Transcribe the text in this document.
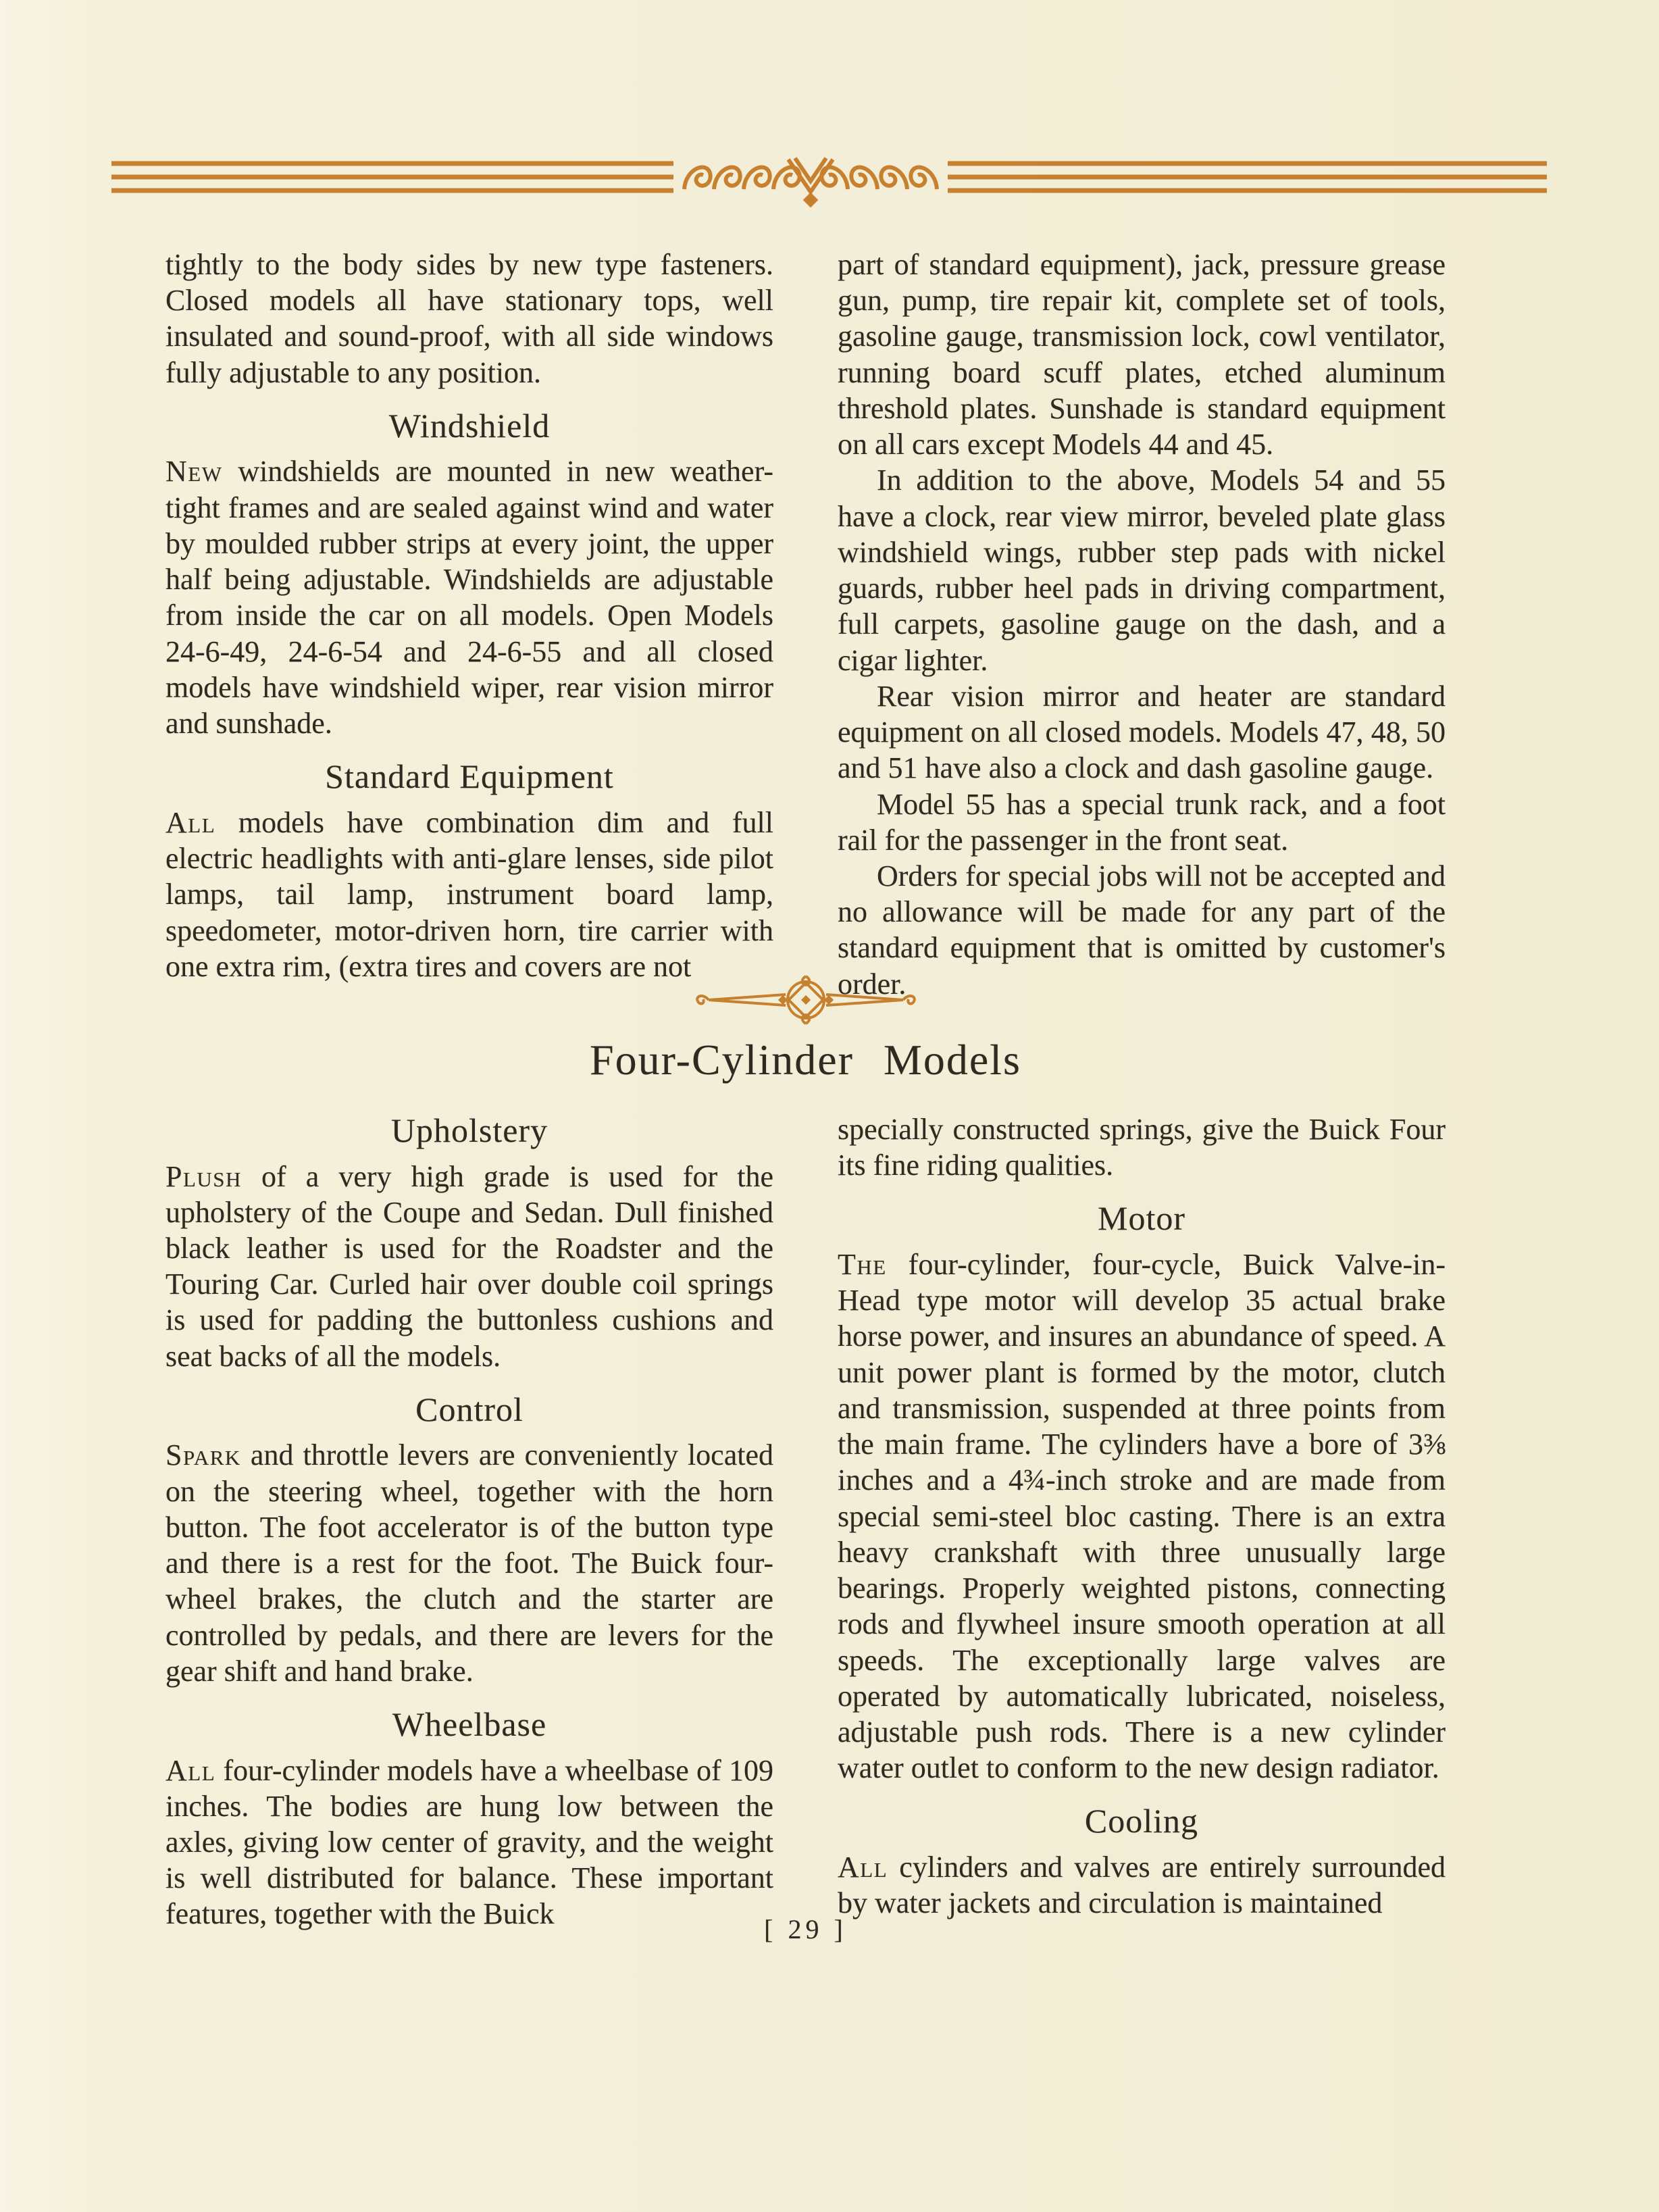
tightly to the body sides by new type fasteners. Closed models all have stationary tops, well insulated and sound-proof, with all side windows fully adjustable to any position.

Windshield

New windshields are mounted in new weather-tight frames and are sealed against wind and water by moulded rubber strips at every joint, the upper half being adjustable. Windshields are adjustable from inside the car on all models. Open Models 24-6-49, 24-6-54 and 24-6-55 and all closed models have windshield wiper, rear vision mirror and sunshade.

Standard Equipment

All models have combination dim and full electric headlights with anti-glare lenses, side pilot lamps, tail lamp, instrument board lamp, speedometer, motor-driven horn, tire carrier with one extra rim, (extra tires and covers are not

part of standard equipment), jack, pressure grease gun, pump, tire repair kit, complete set of tools, gasoline gauge, transmission lock, cowl ventilator, running board scuff plates, etched aluminum threshold plates. Sunshade is standard equipment on all cars except Models 44 and 45.

In addition to the above, Models 54 and 55 have a clock, rear view mirror, beveled plate glass windshield wings, rubber step pads with nickel guards, rubber heel pads in driving compartment, full carpets, gasoline gauge on the dash, and a cigar lighter.

Rear vision mirror and heater are standard equipment on all closed models. Models 47, 48, 50 and 51 have also a clock and dash gasoline gauge.

Model 55 has a special trunk rack, and a foot rail for the passenger in the front seat.

Orders for special jobs will not be accepted and no allowance will be made for any part of the standard equipment that is omitted by customer's order.

Four-Cylinder Models
Upholstery

Plush of a very high grade is used for the upholstery of the Coupe and Sedan. Dull finished black leather is used for the Roadster and the Touring Car. Curled hair over double coil springs is used for padding the buttonless cushions and seat backs of all the models.

Control

Spark and throttle levers are conveniently located on the steering wheel, together with the horn button. The foot accelerator is of the button type and there is a rest for the foot. The Buick four-wheel brakes, the clutch and the starter are controlled by pedals, and there are levers for the gear shift and hand brake.

Wheelbase

All four-cylinder models have a wheelbase of 109 inches. The bodies are hung low between the axles, giving low center of gravity, and the weight is well distributed for balance. These important features, together with the Buick

specially constructed springs, give the Buick Four its fine riding qualities.

Motor

The four-cylinder, four-cycle, Buick Valve-in-Head type motor will develop 35 actual brake horse power, and insures an abundance of speed. A unit power plant is formed by the motor, clutch and transmission, suspended at three points from the main frame. The cylinders have a bore of 3⅜ inches and a 4¾-inch stroke and are made from special semi-steel bloc casting. There is an extra heavy crankshaft with three unusually large bearings. Properly weighted pistons, connecting rods and flywheel insure smooth operation at all speeds. The exceptionally large valves are operated by automatically lubricated, noiseless, adjustable push rods. There is a new cylinder water outlet to conform to the new design radiator.

Cooling

All cylinders and valves are entirely surrounded by water jackets and circulation is maintained

[ 29 ]
